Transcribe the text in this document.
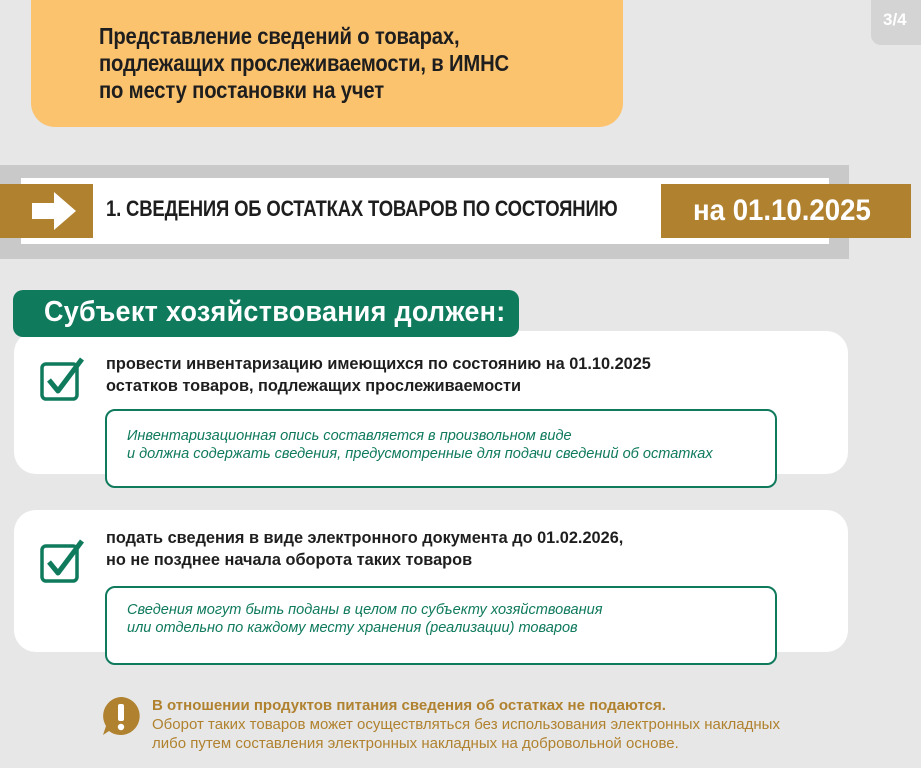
Представление сведений о товарах,
подлежащих прослеживаемости, в ИМНС
по месту постановки на учет
3/4
1. СВЕДЕНИЯ ОБ ОСТАТКАХ ТОВАРОВ ПО СОСТОЯНИЮ	на 01.10.2025
Субъект хозяйствования должен:
провести инвентаризацию имеющихся по состоянию на 01.10.2025
остатков товаров, подлежащих прослеживаемости
Инвентаризационная опись составляется в произвольном виде
и должна содержать сведения, предусмотренные для подачи сведений об остатках
подать сведения в виде электронного документа до 01.02.2026,
но не позднее начала оборота таких товаров
Сведения могут быть поданы в целом по субъекту хозяйствования
или отдельно по каждому месту хранения (реализации) товаров
В отношении продуктов питания сведения об остатках не подаются.
Оборот таких товаров может осуществляться без использования электронных накладных
либо путем составления электронных накладных на добровольной основе.
